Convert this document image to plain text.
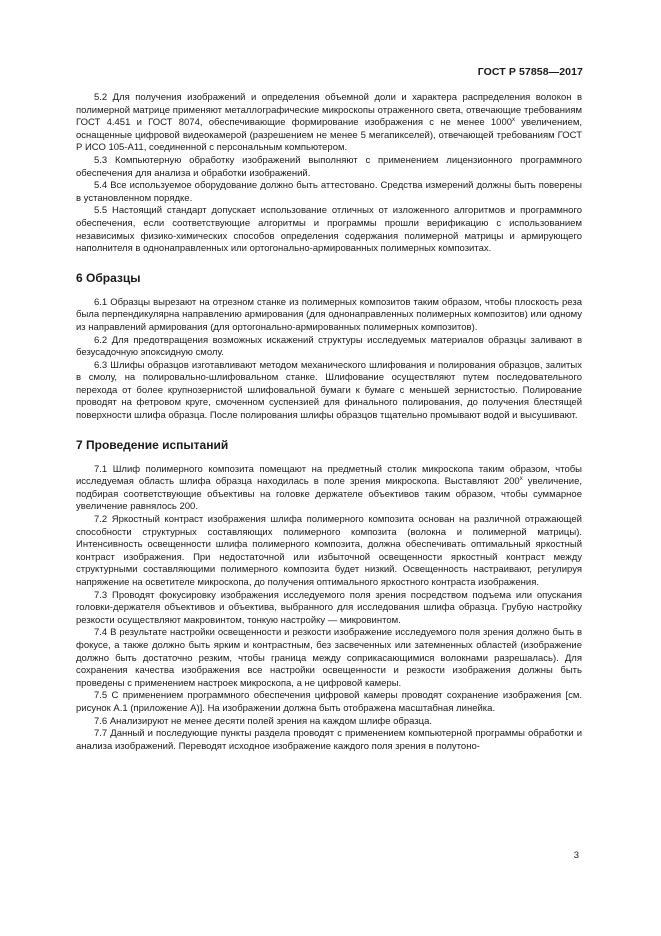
ГОСТ Р 57858—2017

5.2 Для получения изображений и определения объемной доли и характера распределения волокон в полимерной матрице применяют металлографические микроскопы отраженного света, отвечающие требованиям ГОСТ 4.451 и ГОСТ 8074, обеспечивающие формирование изображения с не менее 1000$^x$ увеличением, оснащенные цифровой видеокамерой (разрешением не менее 5 мегапикселей), отвечающей требованиям ГОСТ Р ИСО 105-А11, соединенной с персональным компьютером.

5.3 Компьютерную обработку изображений выполняют с применением лицензионного программного обеспечения для анализа и обработки изображений.

5.4 Все используемое оборудование должно быть аттестовано. Средства измерений должны быть поверены в установленном порядке.

5.5 Настоящий стандарт допускает использование отличных от изложенного алгоритмов и программного обеспечения, если соответствующие алгоритмы и программы прошли верификацию с использованием независимых физико-химических способов определения содержания полимерной матрицы и армирующего наполнителя в однонаправленных или ортогонально-армированных полимерных композитах.

6 Образцы

6.1 Образцы вырезают на отрезном станке из полимерных композитов таким образом, чтобы плоскость реза была перпендикулярна направлению армирования (для однонаправленных полимерных композитов) или одному из направлений армирования (для ортогонально-армированных полимерных композитов).

6.2 Для предотвращения возможных искажений структуры исследуемых материалов образцы заливают в безусадочную эпоксидную смолу.

6.3 Шлифы образцов изготавливают методом механического шлифования и полирования образцов, залитых в смолу, на полировально-шлифовальном станке. Шлифование осуществляют путем последовательного перехода от более крупнозернистой шлифовальной бумаги к бумаге с меньшей зернистостью. Полирование проводят на фетровом круге, смоченном суспензией для финального полирования, до получения блестящей поверхности шлифа образца. После полирования шлифы образцов тщательно промывают водой и высушивают.

7 Проведение испытаний

7.1 Шлиф полимерного композита помещают на предметный столик микроскопа таким образом, чтобы исследуемая область шлифа образца находилась в поле зрения микроскопа. Выставляют 200$^x$ увеличение, подбирая соответствующие объективы на головке держателе объективов таким образом, чтобы суммарное увеличение равнялось 200.

7.2 Яркостный контраст изображения шлифа полимерного композита основан на различной отражающей способности структурных составляющих полимерного композита (волокна и полимерной матрицы). Интенсивность освещенности шлифа полимерного композита, должна обеспечивать оптимальный яркостный контраст изображения. При недостаточной или избыточной освещенности яркостный контраст между структурными составляющими полимерного композита будет низкий. Освещенность настраивают, регулируя напряжение на осветителе микроскопа, до получения оптимального яркостного контраста изображения.

7.3 Проводят фокусировку изображения исследуемого поля зрения посредством подъема или опускания головки-держателя объективов и объектива, выбранного для исследования шлифа образца. Грубую настройку резкости осуществляют макровинтом, тонкую настройку — микровинтом.

7.4 В результате настройки освещенности и резкости изображение исследуемого поля зрения должно быть в фокусе, а также должно быть ярким и контрастным, без засвеченных или затемненных областей (изображение должно быть достаточно резким, чтобы граница между соприкасающимися волокнами разрешалась). Для сохранения качества изображения все настройки освещенности и резкости изображения должны быть проведены с применением настроек микроскопа, а не цифровой камеры.

7.5 С применением программного обеспечения цифровой камеры проводят сохранение изображения [см. рисунок А.1 (приложение А)]. На изображении должна быть отображена масштабная линейка.

7.6 Анализируют не менее десяти полей зрения на каждом шлифе образца.

7.7 Данный и последующие пункты раздела проводят с применением компьютерной программы обработки и анализа изображений. Переводят исходное изображение каждого поля зрения в полутоно-

3
